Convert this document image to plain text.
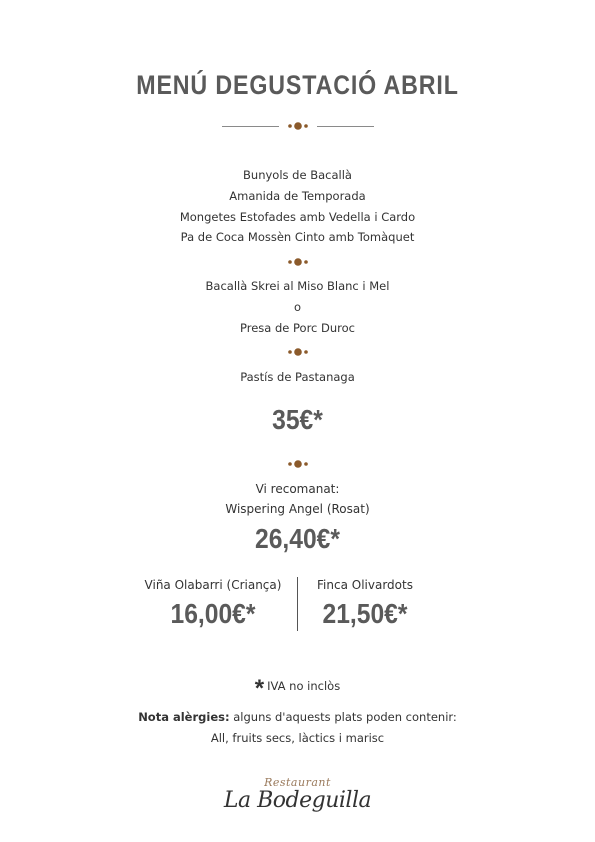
MENÚ DEGUSTACIÓ ABRIL
Bunyols de Bacallà
Amanida de Temporada
Mongetes Estofades amb Vedella i Cardo
Pa de Coca Mossèn Cinto amb Tomàquet
Bacallà Skrei al Miso Blanc i Mel
o
Presa de Porc Duroc
Pastís de Pastanaga
35€*
Vi recomanat:
Wispering Angel (Rosat)
26,40€*
Viña Olabarri (Criança)
16,00€*
Finca Olivardots
21,50€*
* IVA no inclòs
Nota alèrgies: alguns d'aquests plats poden contenir:
All, fruits secs, làctics i marisc
Restaurant
La Bodeguilla
